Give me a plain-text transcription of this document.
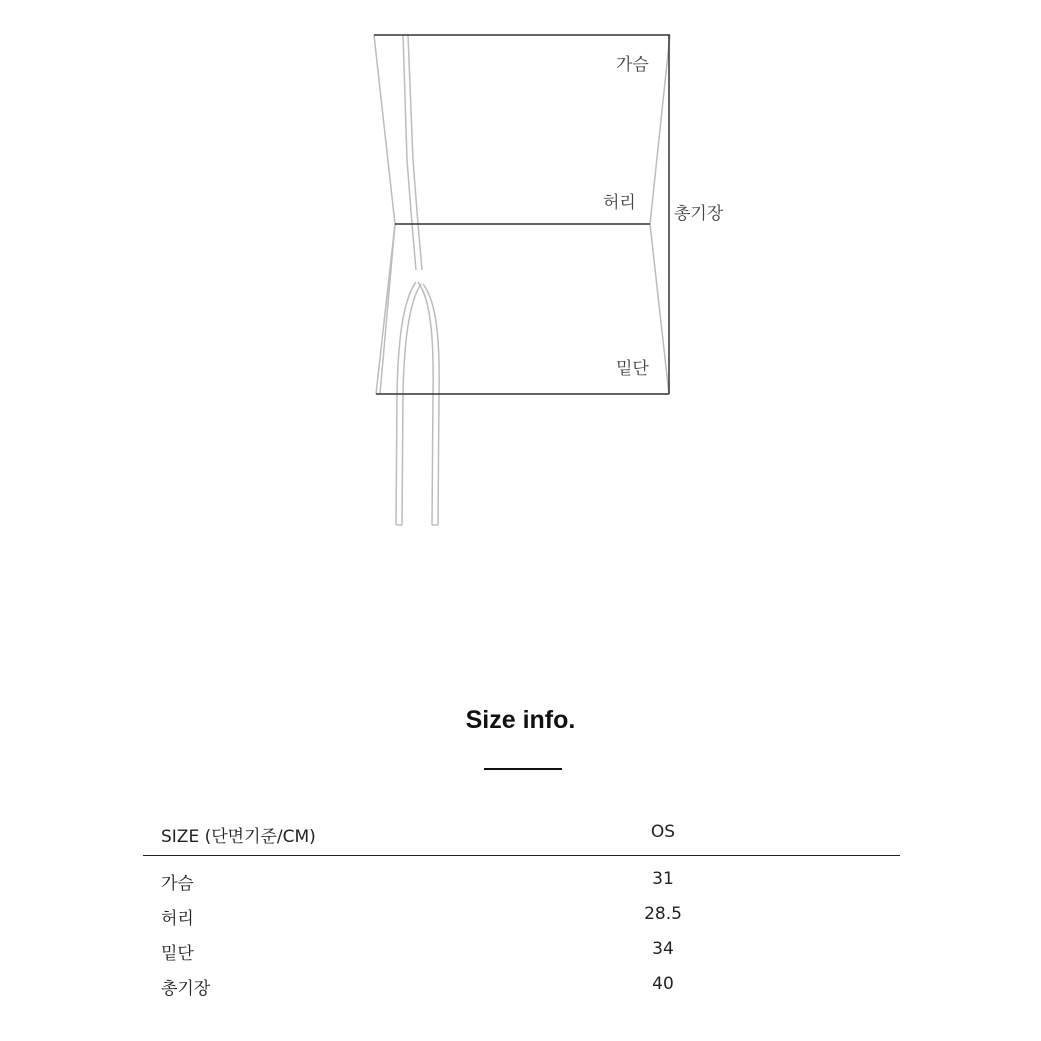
가슴
허리
총기장
밑단
Size info.
SIZE (단면기준/CM)	OS
가슴	31
허리	28.5
밑단	34
총기장	40
